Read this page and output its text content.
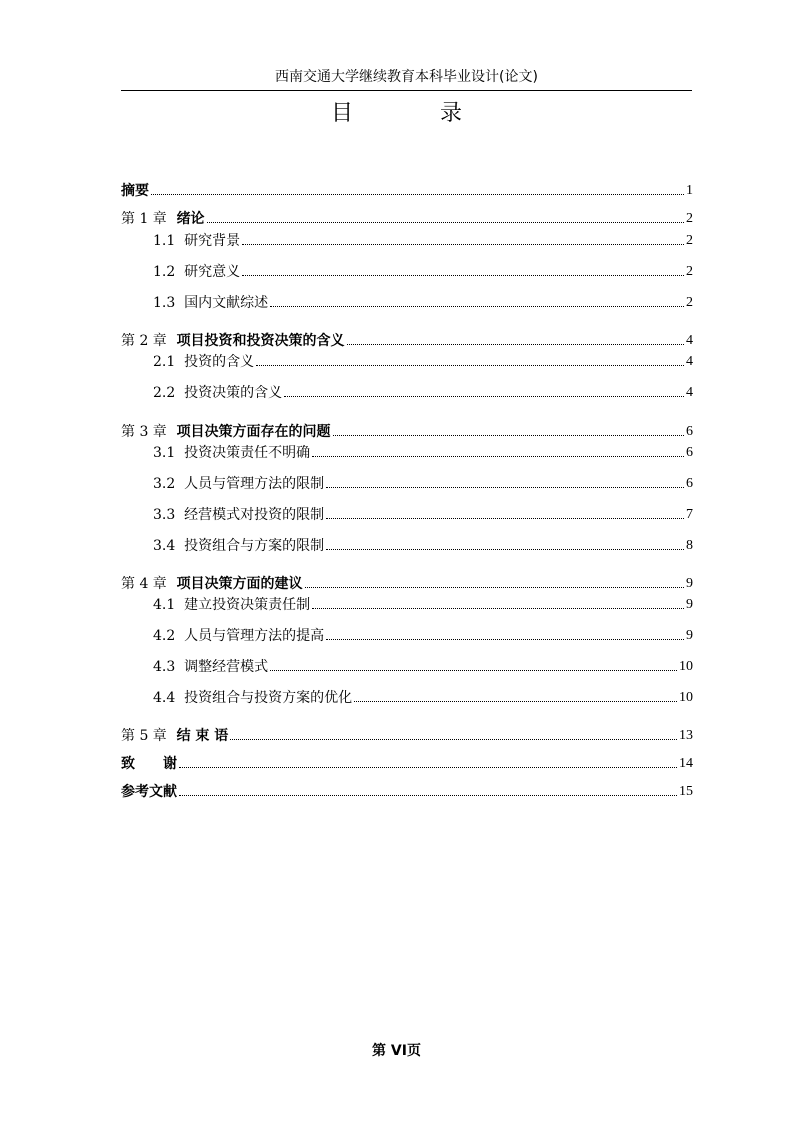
西南交通大学继续教育本科毕业设计(论文)
目 录
摘要	1
第 1 章 绪论	2
1.1 研究背景	2
1.2 研究意义	2
1.3 国内文献综述	2
第 2 章 项目投资和投资决策的含义	4
2.1 投资的含义	4
2.2 投资决策的含义	4
第 3 章 项目决策方面存在的问题	6
3.1 投资决策责任不明确	6
3.2 人员与管理方法的限制	6
3.3 经营模式对投资的限制	7
3.4 投资组合与方案的限制	8
第 4 章 项目决策方面的建议	9
4.1 建立投资决策责任制	9
4.2 人员与管理方法的提高	9
4.3 调整经营模式	10
4.4 投资组合与投资方案的优化	10
第 5 章 结 束 语	13
致　　谢	14
参考文献	15
第 VI页
